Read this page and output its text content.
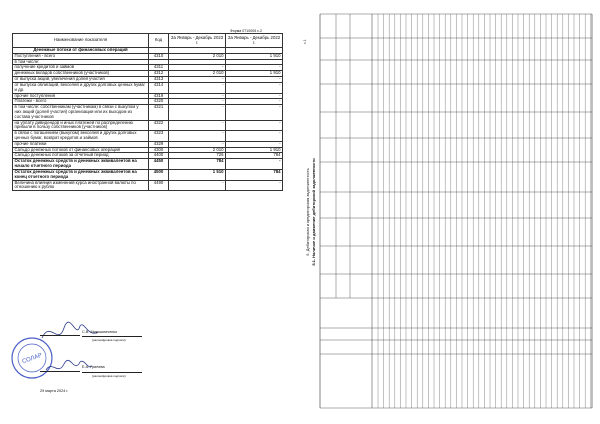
Форма 0710005 с.2
Наименование показателя	Код	За Январь - Декабрь 2023 г.	За Январь - Декабрь 2022 г.
Денежные потоки от финансовых операций			
Поступления - всего	4310	2 010	1 910
в том числе:			
получение кредитов и займов	4311	-	-
денежных вкладов собственников (участников)	4312	2 010	1 910
от выпуска акций, увеличения долей участия	4313	-	-
от выпуска облигаций, векселей и других долговых ценных бумаг и др.	4314	-	-
прочие поступления	4319	-	-
Платежи - всего	4320	-	-
в том числе: собственникам (участникам) в связи с выкупом у них акций (долей участия) организации или их выходом из состава участников	4321	-	-
на уплату дивидендов и иных платежей по распределению прибыли в пользу собственников (участников)	4322	-	-
в связи с погашением (выкупом) векселей и других долговых ценных бумаг, возврат кредитов и займов	4323	-	-
прочие платежи	4329	-	-
Сальдо денежных потоков от финансовых операций	4300	2 010	1 910
Сальдо денежных потоков за отчетный период	4400	726	784
Остаток денежных средств и денежных эквивалентов на начало отчетного периода	4450	784	-
Остаток денежных средств и денежных эквивалентов на конец отчетного периода	4500	1 510	784
Величина влияния изменений курса иностранной валюты по отношению к рублю	4490	-	-
СОЛАР
С.В. Мирошниченко
(расшифровка подписи)
Е.А. Гринева
(расшифровка подписи)
29 марта 2024 г.
с.1
5. Дебиторская и кредиторская задолженность 5.1. Наличие и движение дебиторской задолженности
